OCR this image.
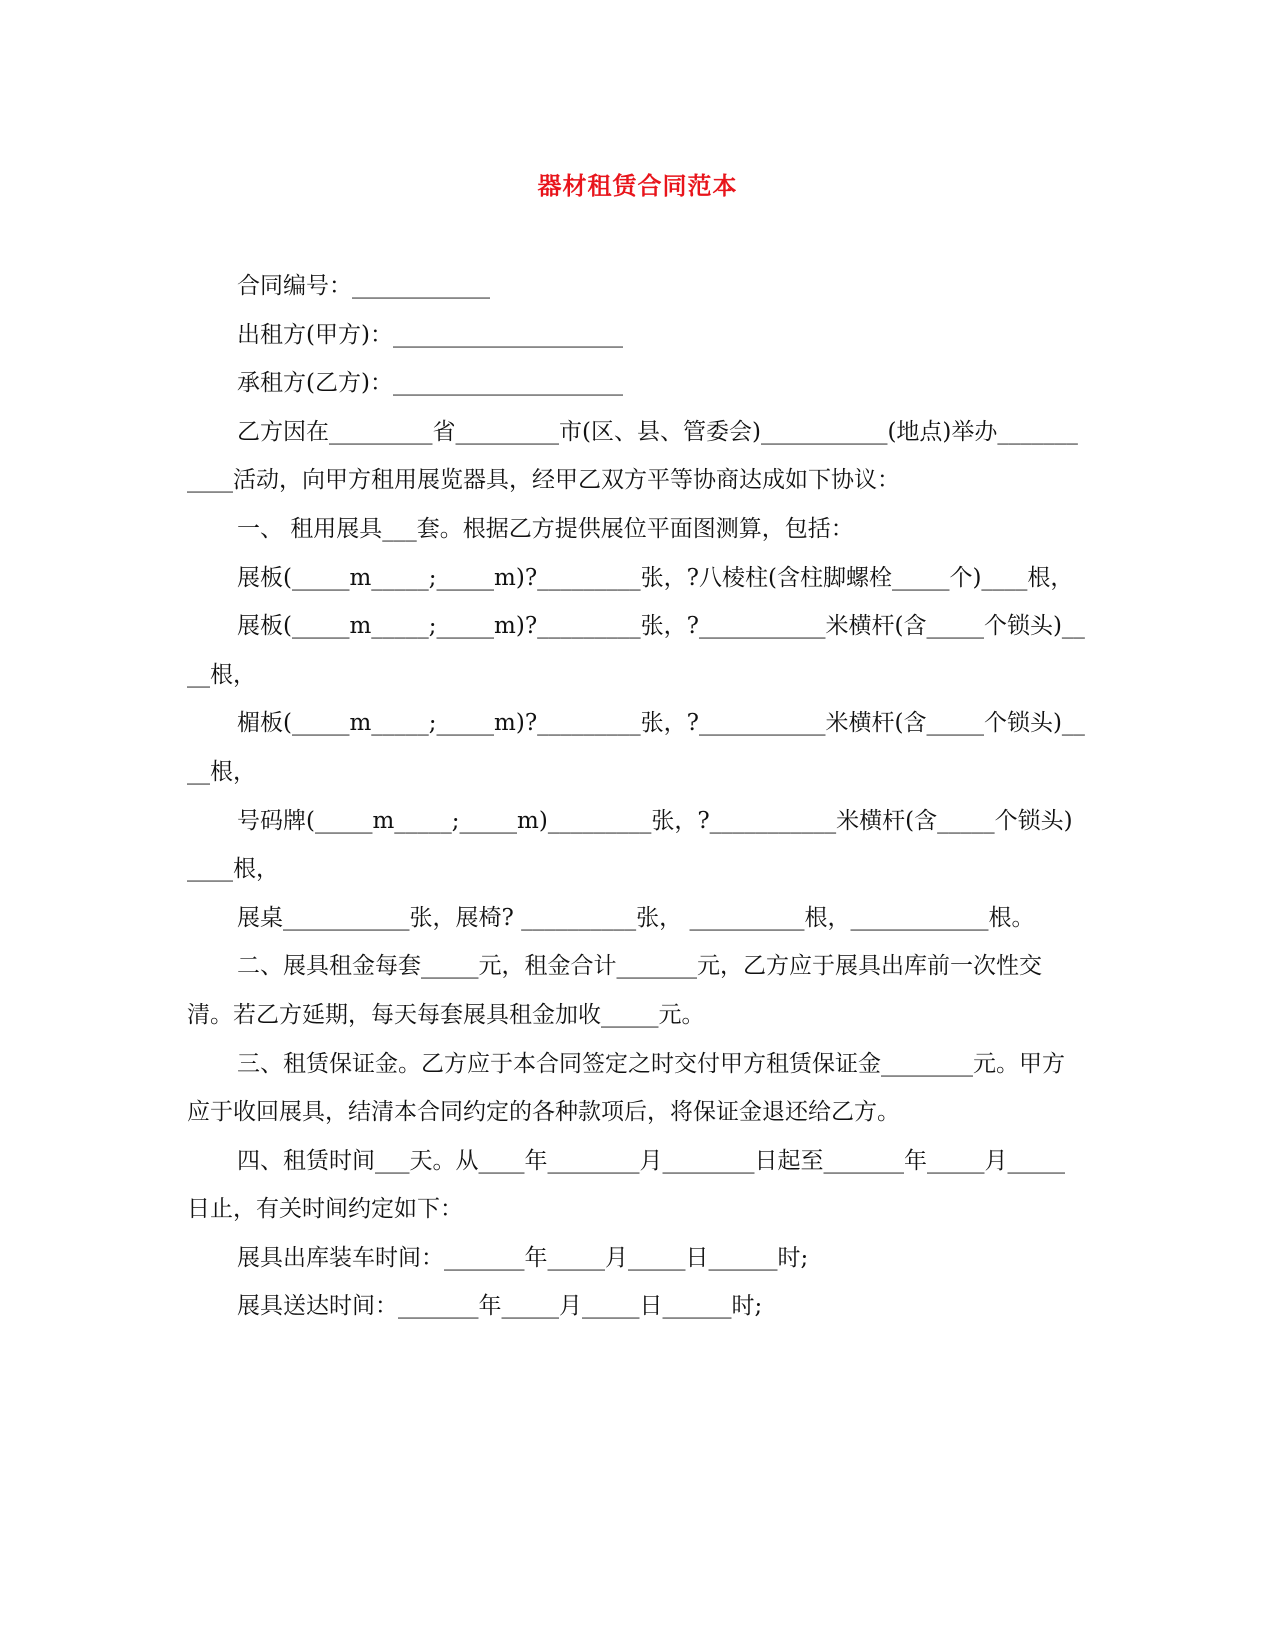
器材租赁合同范本

合同编号：____________

出租方(甲方)：____________________

承租方(乙方)：____________________

乙方因在_________省_________市(区、县、管委会)___________(地点)举办___________活动，向甲方租用展览器具，经甲乙双方平等协商达成如下协议：

一、 租用展具___套。根据乙方提供展位平面图测算，包括：

展板(_____m_____;_____m)?_________张，?八棱柱(含柱脚螺栓_____个)____根，

展板(_____m_____;_____m)?_________张，?___________米横杆(含_____个锁头)____根，

楣板(_____m_____;_____m)?_________张，?___________米横杆(含_____个锁头)____根，

号码牌(_____m_____;_____m)_________张，?___________米横杆(含_____个锁头) ____根，

展桌___________张，展椅? __________张， __________根，____________根。

二、展具租金每套_____元，租金合计_______元，乙方应于展具出库前一次性交清。若乙方延期，每天每套展具租金加收_____元。

三、租赁保证金。乙方应于本合同签定之时交付甲方租赁保证金________元。甲方应于收回展具，结清本合同约定的各种款项后，将保证金退还给乙方。

四、租赁时间___天。从____年________月________日起至_______年_____月_____日止，有关时间约定如下：

展具出库装车时间：_______年_____月_____日______时;

展具送达时间：_______年_____月_____日______时;
